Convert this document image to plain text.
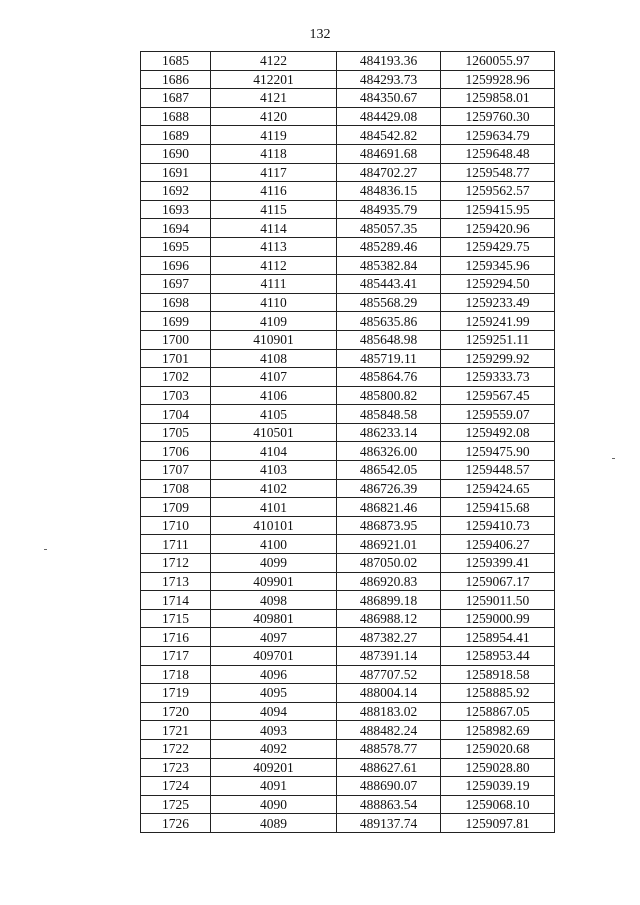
132
1685	4122	484193.36	1260055.97
1686	412201	484293.73	1259928.96
1687	4121	484350.67	1259858.01
1688	4120	484429.08	1259760.30
1689	4119	484542.82	1259634.79
1690	4118	484691.68	1259648.48
1691	4117	484702.27	1259548.77
1692	4116	484836.15	1259562.57
1693	4115	484935.79	1259415.95
1694	4114	485057.35	1259420.96
1695	4113	485289.46	1259429.75
1696	4112	485382.84	1259345.96
1697	4111	485443.41	1259294.50
1698	4110	485568.29	1259233.49
1699	4109	485635.86	1259241.99
1700	410901	485648.98	1259251.11
1701	4108	485719.11	1259299.92
1702	4107	485864.76	1259333.73
1703	4106	485800.82	1259567.45
1704	4105	485848.58	1259559.07
1705	410501	486233.14	1259492.08
1706	4104	486326.00	1259475.90
1707	4103	486542.05	1259448.57
1708	4102	486726.39	1259424.65
1709	4101	486821.46	1259415.68
1710	410101	486873.95	1259410.73
1711	4100	486921.01	1259406.27
1712	4099	487050.02	1259399.41
1713	409901	486920.83	1259067.17
1714	4098	486899.18	1259011.50
1715	409801	486988.12	1259000.99
1716	4097	487382.27	1258954.41
1717	409701	487391.14	1258953.44
1718	4096	487707.52	1258918.58
1719	4095	488004.14	1258885.92
1720	4094	488183.02	1258867.05
1721	4093	488482.24	1258982.69
1722	4092	488578.77	1259020.68
1723	409201	488627.61	1259028.80
1724	4091	488690.07	1259039.19
1725	4090	488863.54	1259068.10
1726	4089	489137.74	1259097.81
